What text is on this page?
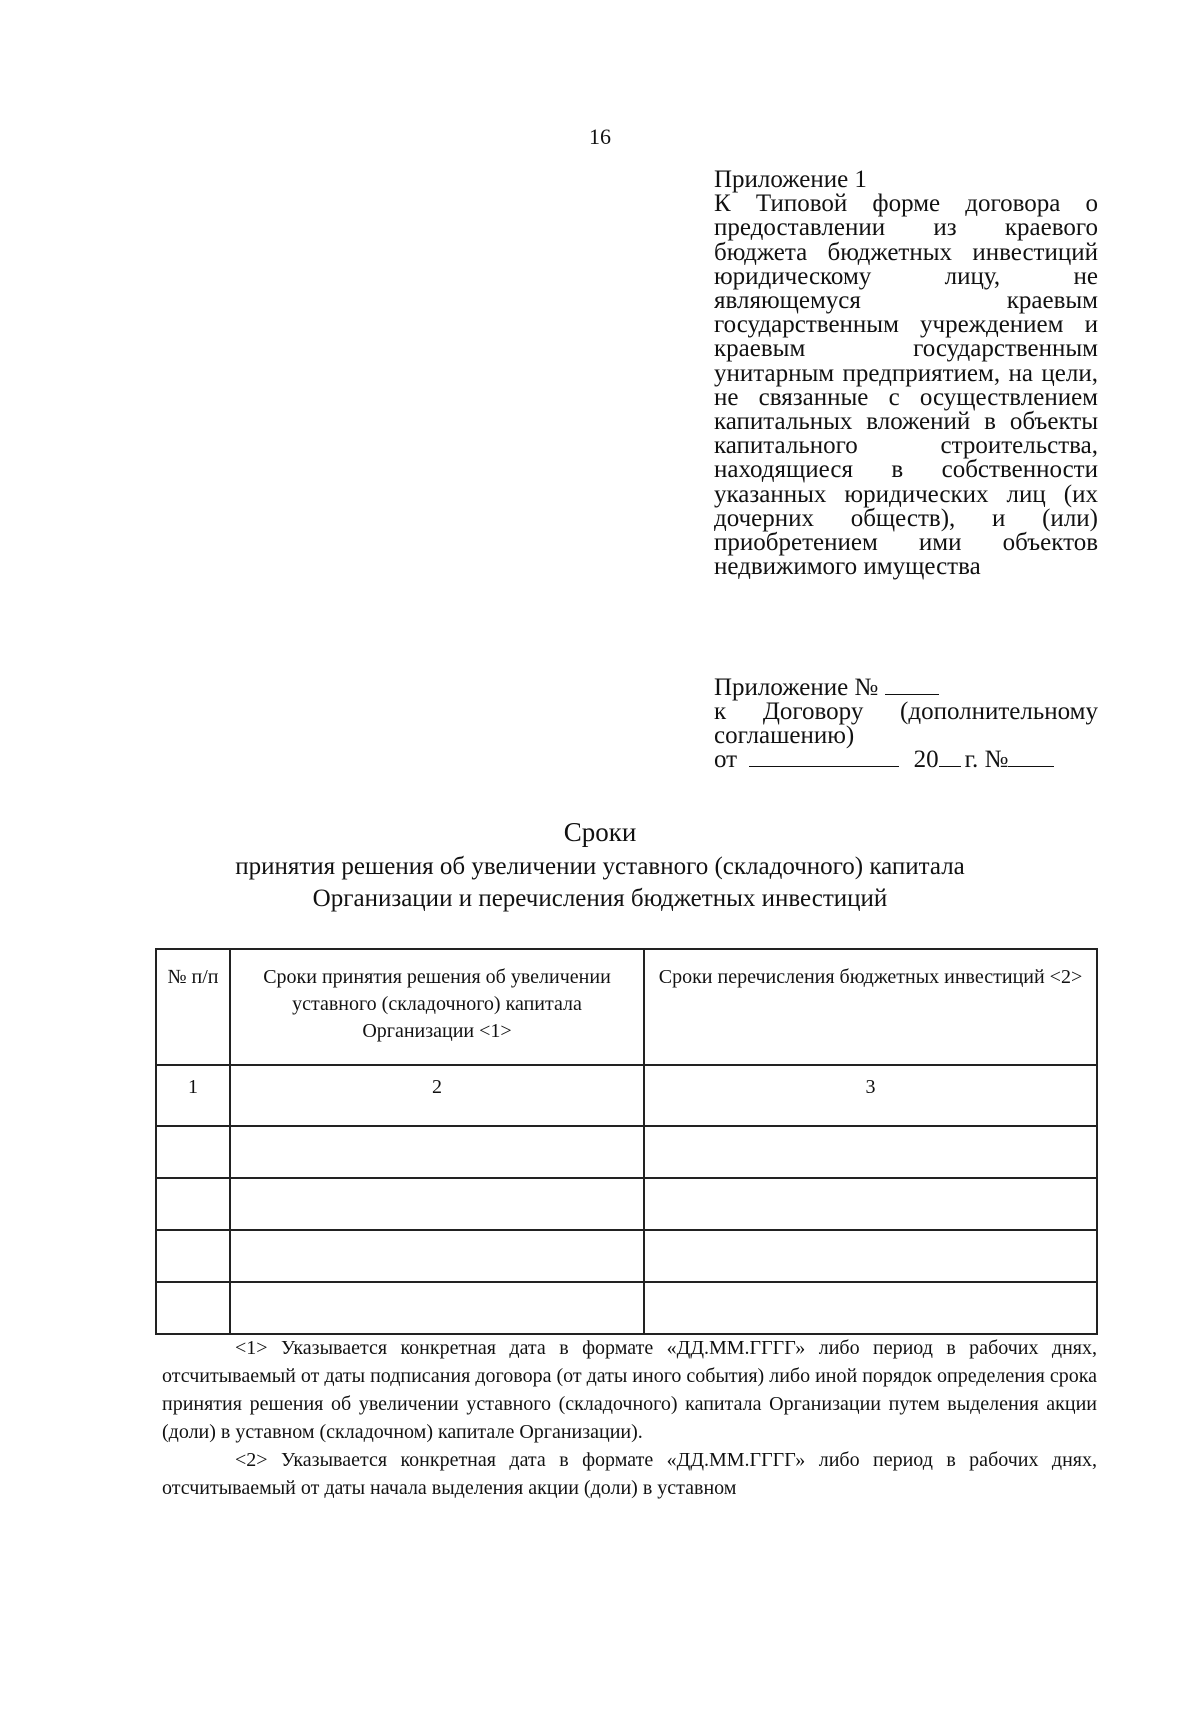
16
Приложение 1
К Типовой форме договора о предоставлении из краевого бюджета бюджетных инвестиций юридическому лицу, не являющемуся краевым государственным учреждением и краевым государственным унитарным предприятием, на цели, не связанные с осуществлением капитальных вложений в объекты капитального строительства, находящиеся в собственности указанных юридических лиц (их дочерних обществ), и (или) приобретением ими объектов недвижимого имущества
Приложение №
к Договору (дополнительному соглашению)
от	20 г. №
Сроки
принятия решения об увеличении уставного (складочного) капитала
Организации и перечисления бюджетных инвестиций
№ п/п	Сроки принятия решения об увеличении уставного (складочного) капитала Организации <1>	Сроки перечисления бюджетных инвестиций <2>
1	2	3

<1> Указывается конкретная дата в формате «ДД.ММ.ГГГГ» либо период в рабочих днях, отсчитываемый от даты подписания договора (от даты иного события) либо иной порядок определения срока принятия решения об увеличении уставного (складочного) капитала Организации путем выделения акции (доли) в уставном (складочном) капитале Организации).

<2> Указывается конкретная дата в формате «ДД.ММ.ГГГГ» либо период в рабочих днях, отсчитываемый от даты начала выделения акции (доли) в уставном
